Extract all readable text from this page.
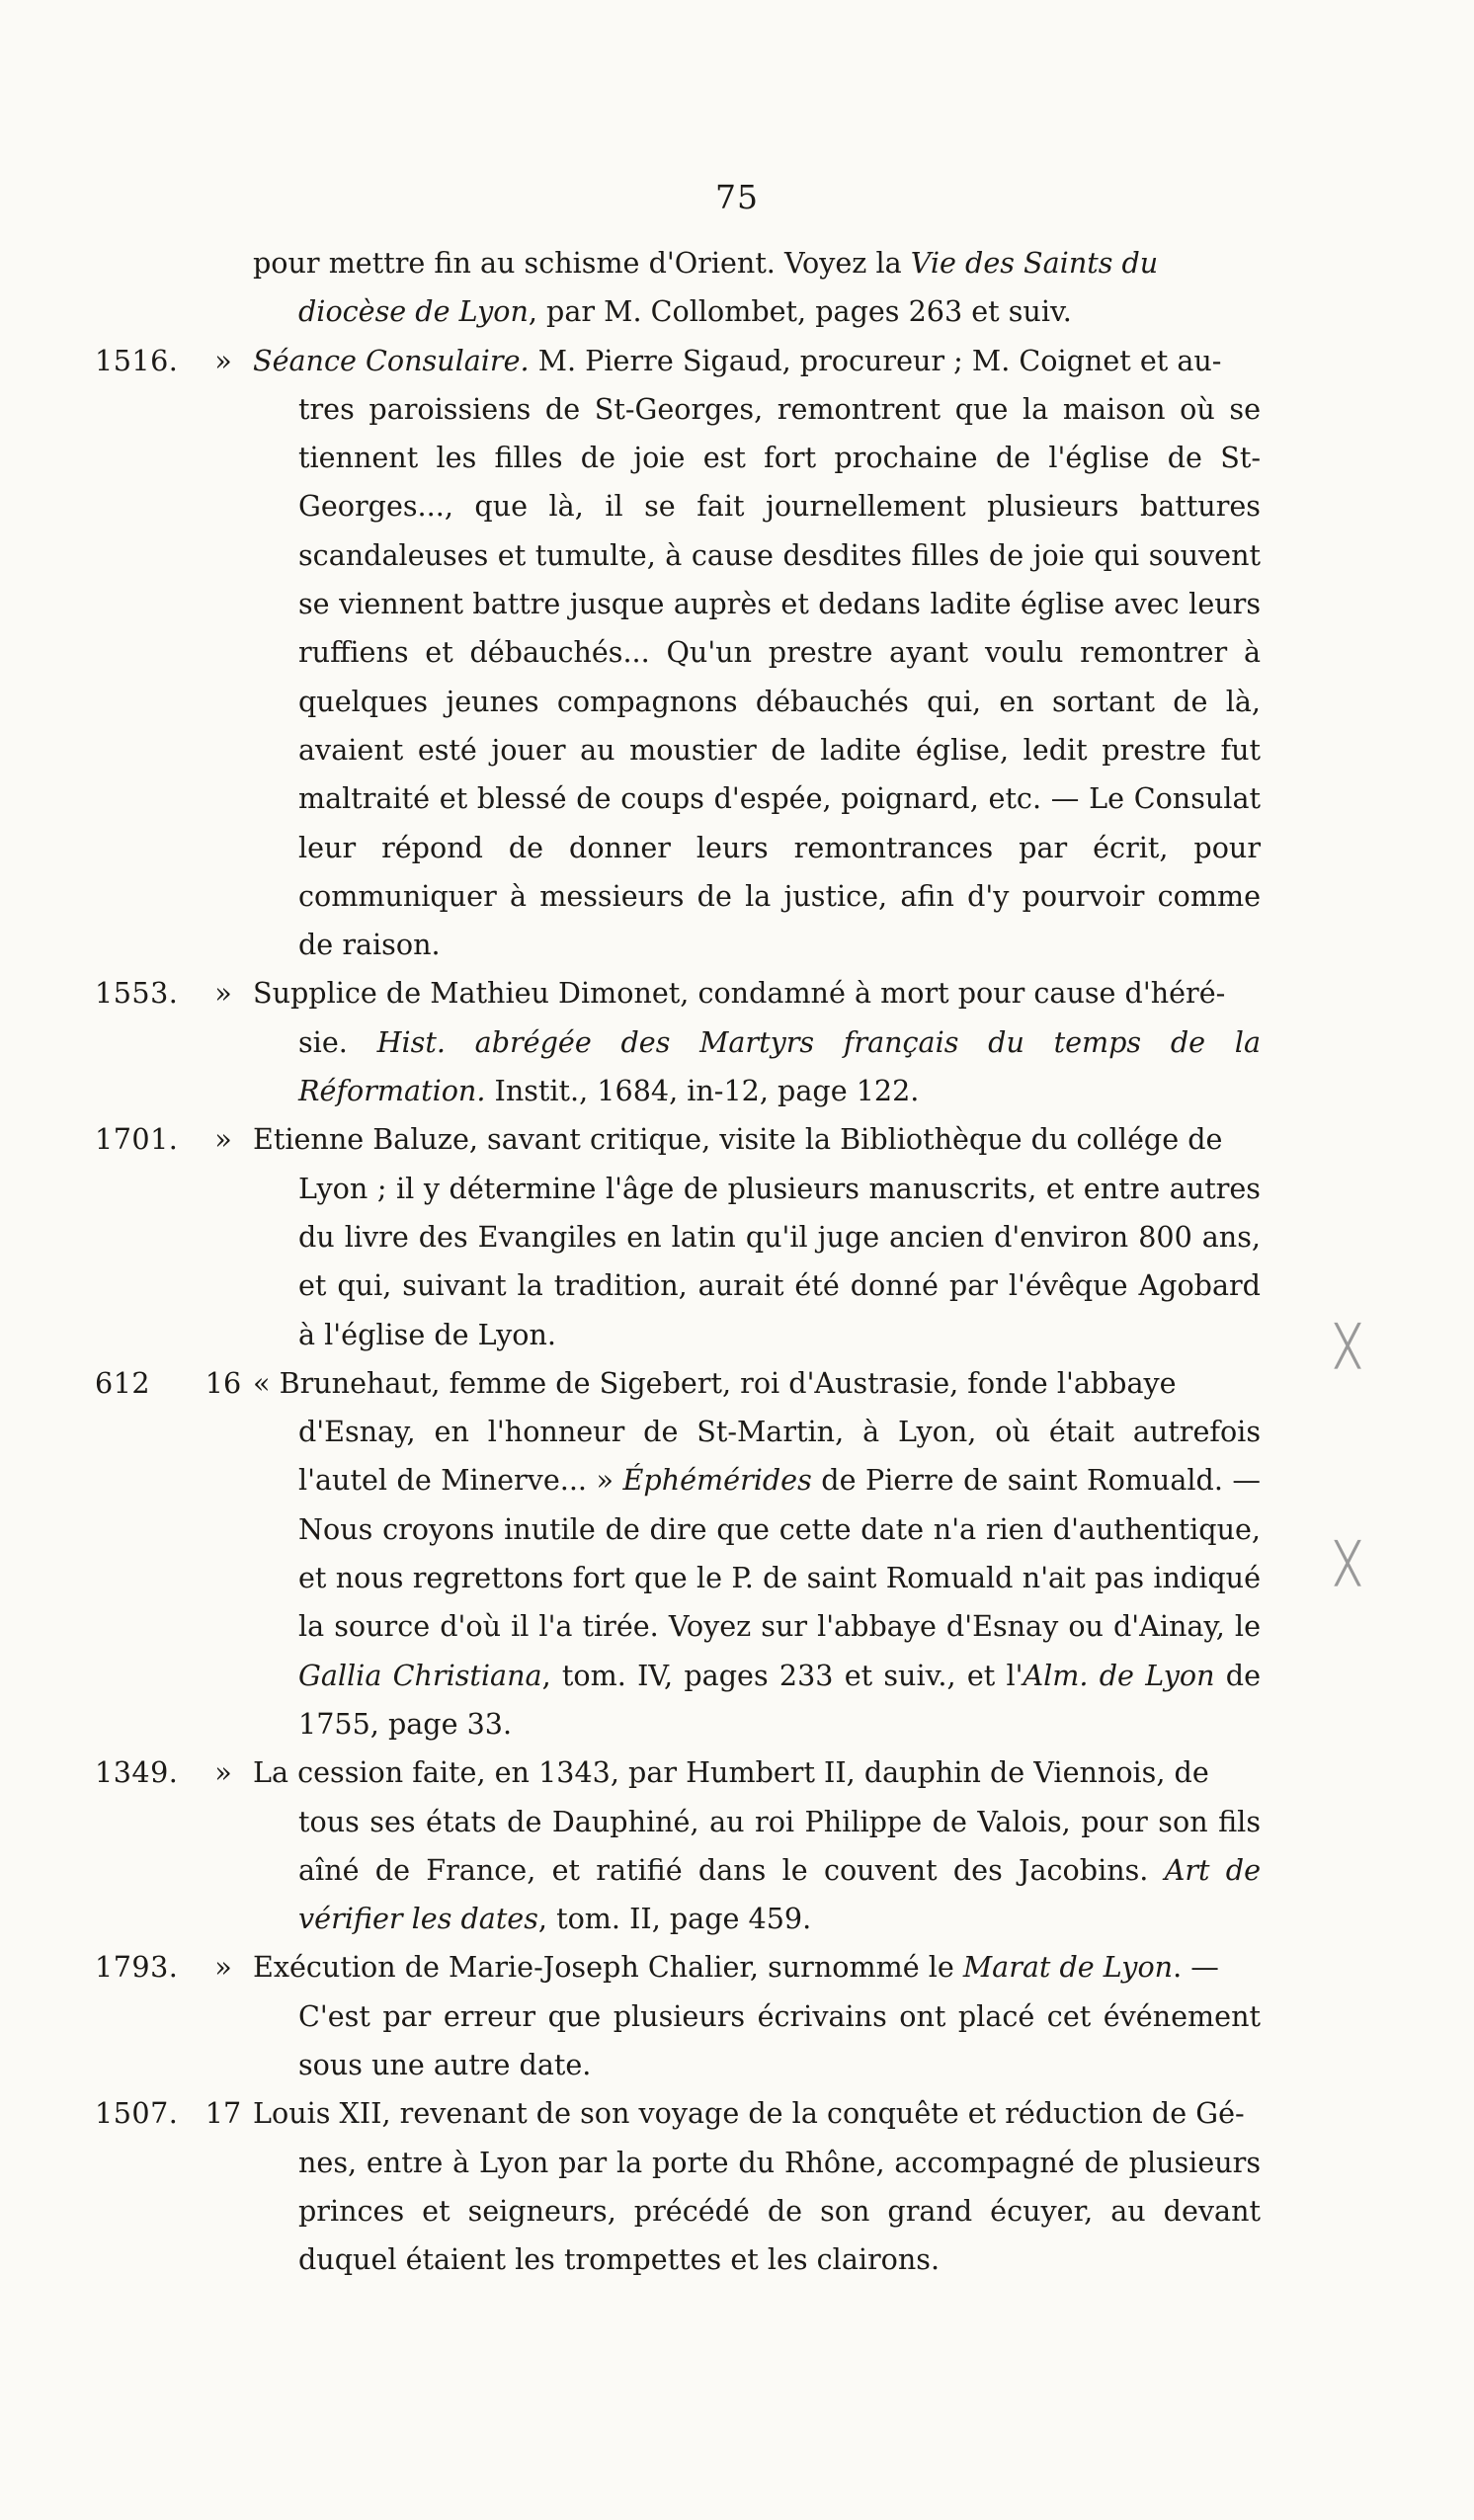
75
pour mettre fin au schisme d'Orient. Voyez la Vie des Saints du
diocèse de Lyon, par M. Collombet, pages 263 et suiv.
1516.	» Séance Consulaire. M. Pierre Sigaud, procureur ; M. Coignet et au-
tres paroissiens de St-Georges, remontrent que la maison où se tiennent les filles de joie est fort prochaine de l'église de St-Georges..., que là, il se fait journellement plusieurs battures scandaleuses et tumulte, à cause desdites filles de joie qui souvent se viennent battre jusque auprès et dedans ladite église avec leurs ruffiens et débauchés... Qu'un prestre ayant voulu remontrer à quelques jeunes compagnons débauchés qui, en sortant de là, avaient esté jouer au moustier de ladite église, ledit prestre fut maltraité et blessé de coups d'espée, poignard, etc. — Le Consulat leur répond de donner leurs remontrances par écrit, pour communiquer à messieurs de la justice, afin d'y pourvoir comme de raison.
1553.	» Supplice de Mathieu Dimonet, condamné à mort pour cause d'héré-
sie. Hist. abrégée des Martyrs français du temps de la Réformation. Instit., 1684, in-12, page 122.
1701.	» Etienne Baluze, savant critique, visite la Bibliothèque du collége de
Lyon ; il y détermine l'âge de plusieurs manuscrits, et entre autres du livre des Evangiles en latin qu'il juge ancien d'environ 800 ans, et qui, suivant la tradition, aurait été donné par l'évêque Agobard à l'église de Lyon.
612	16 « Brunehaut, femme de Sigebert, roi d'Austrasie, fonde l'abbaye
d'Esnay, en l'honneur de St-Martin, à Lyon, où était autrefois l'autel de Minerve... » Éphémérides de Pierre de saint Romuald. — Nous croyons inutile de dire que cette date n'a rien d'authentique, et nous regrettons fort que le P. de saint Romuald n'ait pas indiqué la source d'où il l'a tirée. Voyez sur l'abbaye d'Esnay ou d'Ainay, le Gallia Christiana, tom. IV, pages 233 et suiv., et l'Alm. de Lyon de 1755, page 33.
1349.	» La cession faite, en 1343, par Humbert II, dauphin de Viennois, de
tous ses états de Dauphiné, au roi Philippe de Valois, pour son fils aîné de France, et ratifié dans le couvent des Jacobins. Art de vérifier les dates, tom. II, page 459.
1793.	» Exécution de Marie-Joseph Chalier, surnommé le Marat de Lyon. —
C'est par erreur que plusieurs écrivains ont placé cet événement sous une autre date.
1507. 17 Louis XII, revenant de son voyage de la conquête et réduction de Gé-
nes, entre à Lyon par la porte du Rhône, accompagné de plusieurs princes et seigneurs, précédé de son grand écuyer, au devant duquel étaient les trompettes et les clairons.
╳
╳
